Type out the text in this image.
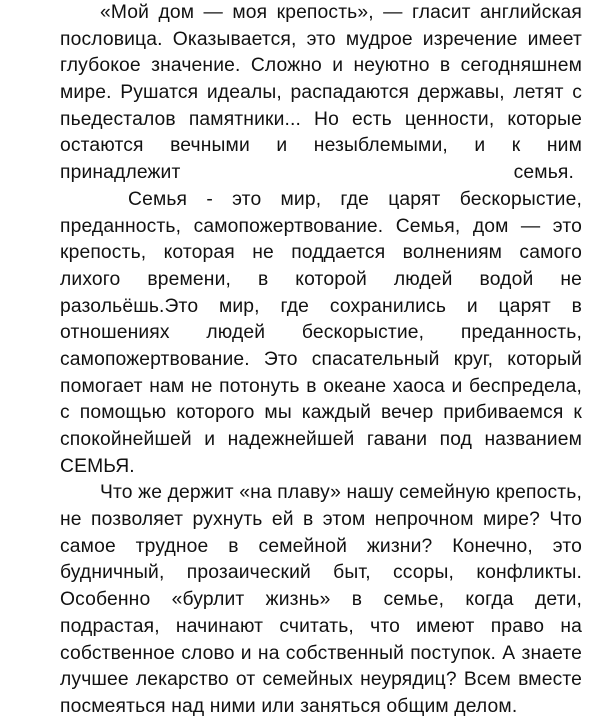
«Мой дом — моя крепость», — гласит английская
пословица. Оказывается, это мудрое изречение имеет
глубокое значение. Сложно и неуютно в сегодняшнем
мире. Рушатся идеалы, распадаются державы, летят с
пьедесталов памятники... Но есть ценности, которые
остаются вечными и незыблемыми, и к ним
принадлежит семья.
Семья - это мир, где царят бескорыстие,
преданность, самопожертвование. Семья, дом — это
крепость, которая не поддается волнениям самого
лихого времени, в которой людей водой не
разольёшь.Это мир, где сохранились и царят в
отношениях людей бескорыстие, преданность,
самопожертвование. Это спасательный круг, который
помогает нам не потонуть в океане хаоса и беспредела,
с помощью которого мы каждый вечер прибиваемся к
спокойнейшей и надежнейшей гавани под названием
СЕМЬЯ.
Что же держит «на плаву» нашу семейную крепость,
не позволяет рухнуть ей в этом непрочном мире? Что
самое трудное в семейной жизни? Конечно, это
будничный, прозаический быт, ссоры, конфликты.
Особенно «бурлит жизнь» в семье, когда дети,
подрастая, начинают считать, что имеют право на
собственное слово и на собственный поступок. А знаете
лучшее лекарство от семейных неурядиц? Всем вместе
посмеяться над ними или заняться общим делом.
